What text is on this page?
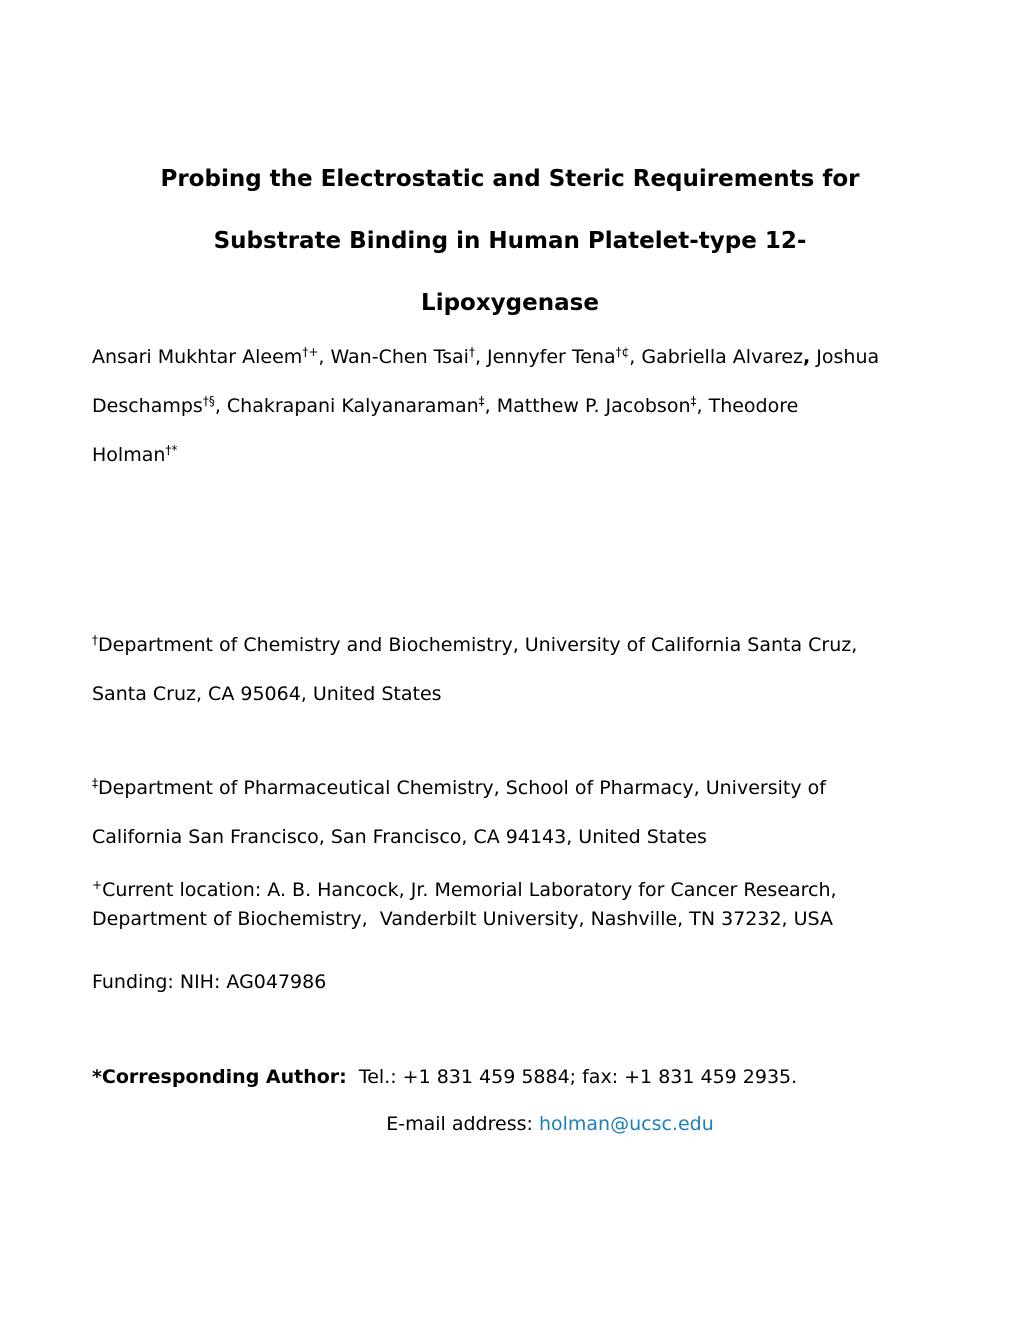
Probing the Electrostatic and Steric Requirements for
Substrate Binding in Human Platelet-type 12-
Lipoxygenase
Ansari Mukhtar Aleem†+, Wan-Chen Tsai†, Jennyfer Tena†¢, Gabriella Alvarez, Joshua
Deschamps†§, Chakrapani Kalyanaraman‡, Matthew P. Jacobson‡, Theodore
Holman†*
†Department of Chemistry and Biochemistry, University of California Santa Cruz,
Santa Cruz, CA 95064, United States
‡Department of Pharmaceutical Chemistry, School of Pharmacy, University of
California San Francisco, San Francisco, CA 94143, United States
+Current location: A. B. Hancock, Jr. Memorial Laboratory for Cancer Research,
Department of Biochemistry,  Vanderbilt University, Nashville, TN 37232, USA
Funding: NIH: AG047986
*Corresponding Author:  Tel.: +1 831 459 5884; fax: +1 831 459 2935.
E-mail address: holman@ucsc.edu
